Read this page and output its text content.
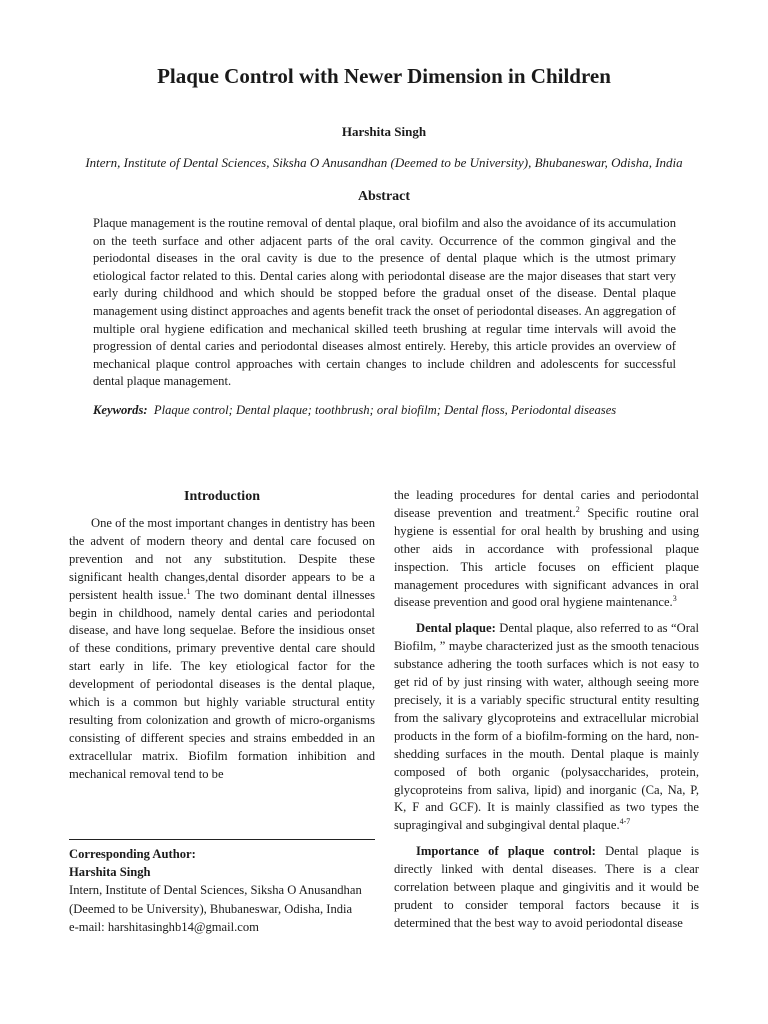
Plaque Control with Newer Dimension in Children
Harshita Singh
Intern, Institute of Dental Sciences, Siksha O Anusandhan (Deemed to be University), Bhubaneswar, Odisha, India
Abstract

Plaque management is the routine removal of dental plaque, oral biofilm and also the avoidance of its accumulation on the teeth surface and other adjacent parts of the oral cavity. Occurrence of the common gingival and the periodontal diseases in the oral cavity is due to the presence of dental plaque which is the utmost primary etiological factor related to this. Dental caries along with periodontal disease are the major diseases that start very early during childhood and which should be stopped before the gradual onset of the disease. Dental plaque management using distinct approaches and agents benefit track the onset of periodontal diseases. An aggregation of multiple oral hygiene edification and mechanical skilled teeth brushing at regular time intervals will avoid the progression of dental caries and periodontal diseases almost entirely. Hereby, this article provides an overview of mechanical plaque control approaches with certain changes to include children and adolescents for successful dental plaque management.

Keywords: Plaque control; Dental plaque; toothbrush; oral biofilm; Dental floss, Periodontal diseases
Introduction

One of the most important changes in dentistry has been the advent of modern theory and dental care focused on prevention and not any substitution. Despite these significant health changes,dental disorder appears to be a persistent health issue.$^1$ The two dominant dental illnesses begin in childhood, namely dental caries and periodontal disease, and have long sequelae. Before the insidious onset of these conditions, primary preventive dental care should start early in life. The key etiological factor for the development of periodontal diseases is the dental plaque, which is a common but highly variable structural entity resulting from colonization and growth of micro-organisms consisting of different species and strains embedded in an extracellular matrix. Biofilm formation inhibition and mechanical removal tend to be

Corresponding Author:
Harshita Singh
Intern, Institute of Dental Sciences, Siksha O Anusandhan (Deemed to be University), Bhubaneswar, Odisha, India
e-mail: harshitasinghb14@gmail.com

the leading procedures for dental caries and periodontal disease prevention and treatment.$^2$ Specific routine oral hygiene is essential for oral health by brushing and using other aids in accordance with professional plaque inspection. This article focuses on efficient plaque management procedures with significant advances in oral disease prevention and good oral hygiene maintenance.$^3$

Dental plaque: Dental plaque, also referred to as “Oral Biofilm, ” maybe characterized just as the smooth tenacious substance adhering the tooth surfaces which is not easy to get rid of by just rinsing with water, although seeing more precisely, it is a variably specific structural entity resulting from the salivary glycoproteins and extracellular microbial products in the form of a biofilm-forming on the hard, non-shedding surfaces in the mouth. Dental plaque is mainly composed of both organic (polysaccharides, protein, glycoproteins from saliva, lipid) and inorganic (Ca, Na, P, K, F and GCF). It is mainly classified as two types the supragingival and subgingival dental plaque.$^{4-7}$

Importance of plaque control: Dental plaque is directly linked with dental diseases. There is a clear correlation between plaque and gingivitis and it would be prudent to consider temporal factors because it is determined that the best way to avoid periodontal disease
